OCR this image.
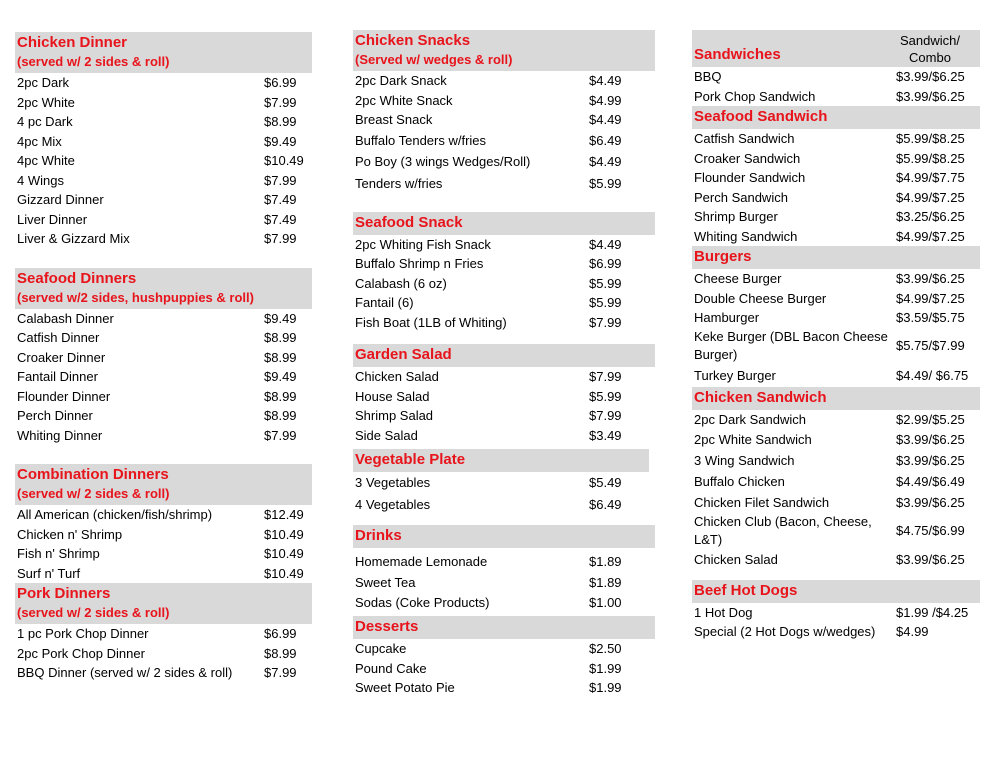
Chicken Dinner
(served w/ 2 sides & roll)
2pc Dark	$6.99
2pc White	$7.99
4 pc Dark	$8.99
4pc Mix	$9.49
4pc White	$10.49
4 Wings	$7.99
Gizzard Dinner	$7.49
Liver Dinner	$7.49
Liver & Gizzard Mix	$7.99
Seafood Dinners
(served w/2 sides, hushpuppies & roll)
Calabash Dinner	$9.49
Catfish Dinner	$8.99
Croaker Dinner	$8.99
Fantail Dinner	$9.49
Flounder Dinner	$8.99
Perch Dinner	$8.99
Whiting Dinner	$7.99
Combination Dinners
(served w/ 2 sides & roll)
All American (chicken/fish/shrimp)	$12.49
Chicken n' Shrimp	$10.49
Fish n' Shrimp	$10.49
Surf n' Turf	$10.49
Pork Dinners
(served w/ 2 sides & roll)
1 pc Pork Chop Dinner	$6.99
2pc Pork Chop Dinner	$8.99
BBQ Dinner (served w/ 2 sides & roll)	$7.99
Chicken Snacks
(Served w/ wedges & roll)
2pc Dark Snack	$4.49
2pc White Snack	$4.99
Breast Snack	$4.49
Buffalo Tenders w/fries	$6.49
Po Boy (3 wings Wedges/Roll)	$4.49
Tenders w/fries	$5.99
Seafood Snack
2pc Whiting Fish Snack	$4.49
Buffalo Shrimp n Fries	$6.99
Calabash (6 oz)	$5.99
Fantail (6)	$5.99
Fish Boat (1LB of Whiting)	$7.99
Garden Salad
Chicken Salad	$7.99
House Salad	$5.99
Shrimp Salad	$7.99
Side Salad	$3.49
Vegetable Plate
3 Vegetables	$5.49
4 Vegetables	$6.49
Drinks
Homemade Lemonade	$1.89
Sweet Tea	$1.89
Sodas (Coke Products)	$1.00
Desserts
Cupcake	$2.50
Pound Cake	$1.99
Sweet Potato Pie	$1.99
Sandwiches
Sandwich/ Combo
BBQ	$3.99/$6.25
Pork Chop Sandwich	$3.99/$6.25
Seafood Sandwich
Catfish Sandwich	$5.99/$8.25
Croaker Sandwich	$5.99/$8.25
Flounder Sandwich	$4.99/$7.75
Perch Sandwich	$4.99/$7.25
Shrimp Burger	$3.25/$6.25
Whiting Sandwich	$4.99/$7.25
Burgers
Cheese Burger	$3.99/$6.25
Double Cheese Burger	$4.99/$7.25
Hamburger	$3.59/$5.75
Keke Burger (DBL Bacon Cheese Burger)
$5.75/$7.99
Turkey Burger	$4.49/ $6.75
Chicken Sandwich
2pc Dark Sandwich	$2.99/$5.25
2pc White Sandwich	$3.99/$6.25
3 Wing Sandwich	$3.99/$6.25
Buffalo Chicken	$4.49/$6.49
Chicken Filet Sandwich	$3.99/$6.25
Chicken Club (Bacon, Cheese, L&T)
$4.75/$6.99
Chicken Salad	$3.99/$6.25
Beef Hot Dogs
1 Hot Dog	$1.99 /$4.25
Special (2 Hot Dogs w/wedges)	$4.99
